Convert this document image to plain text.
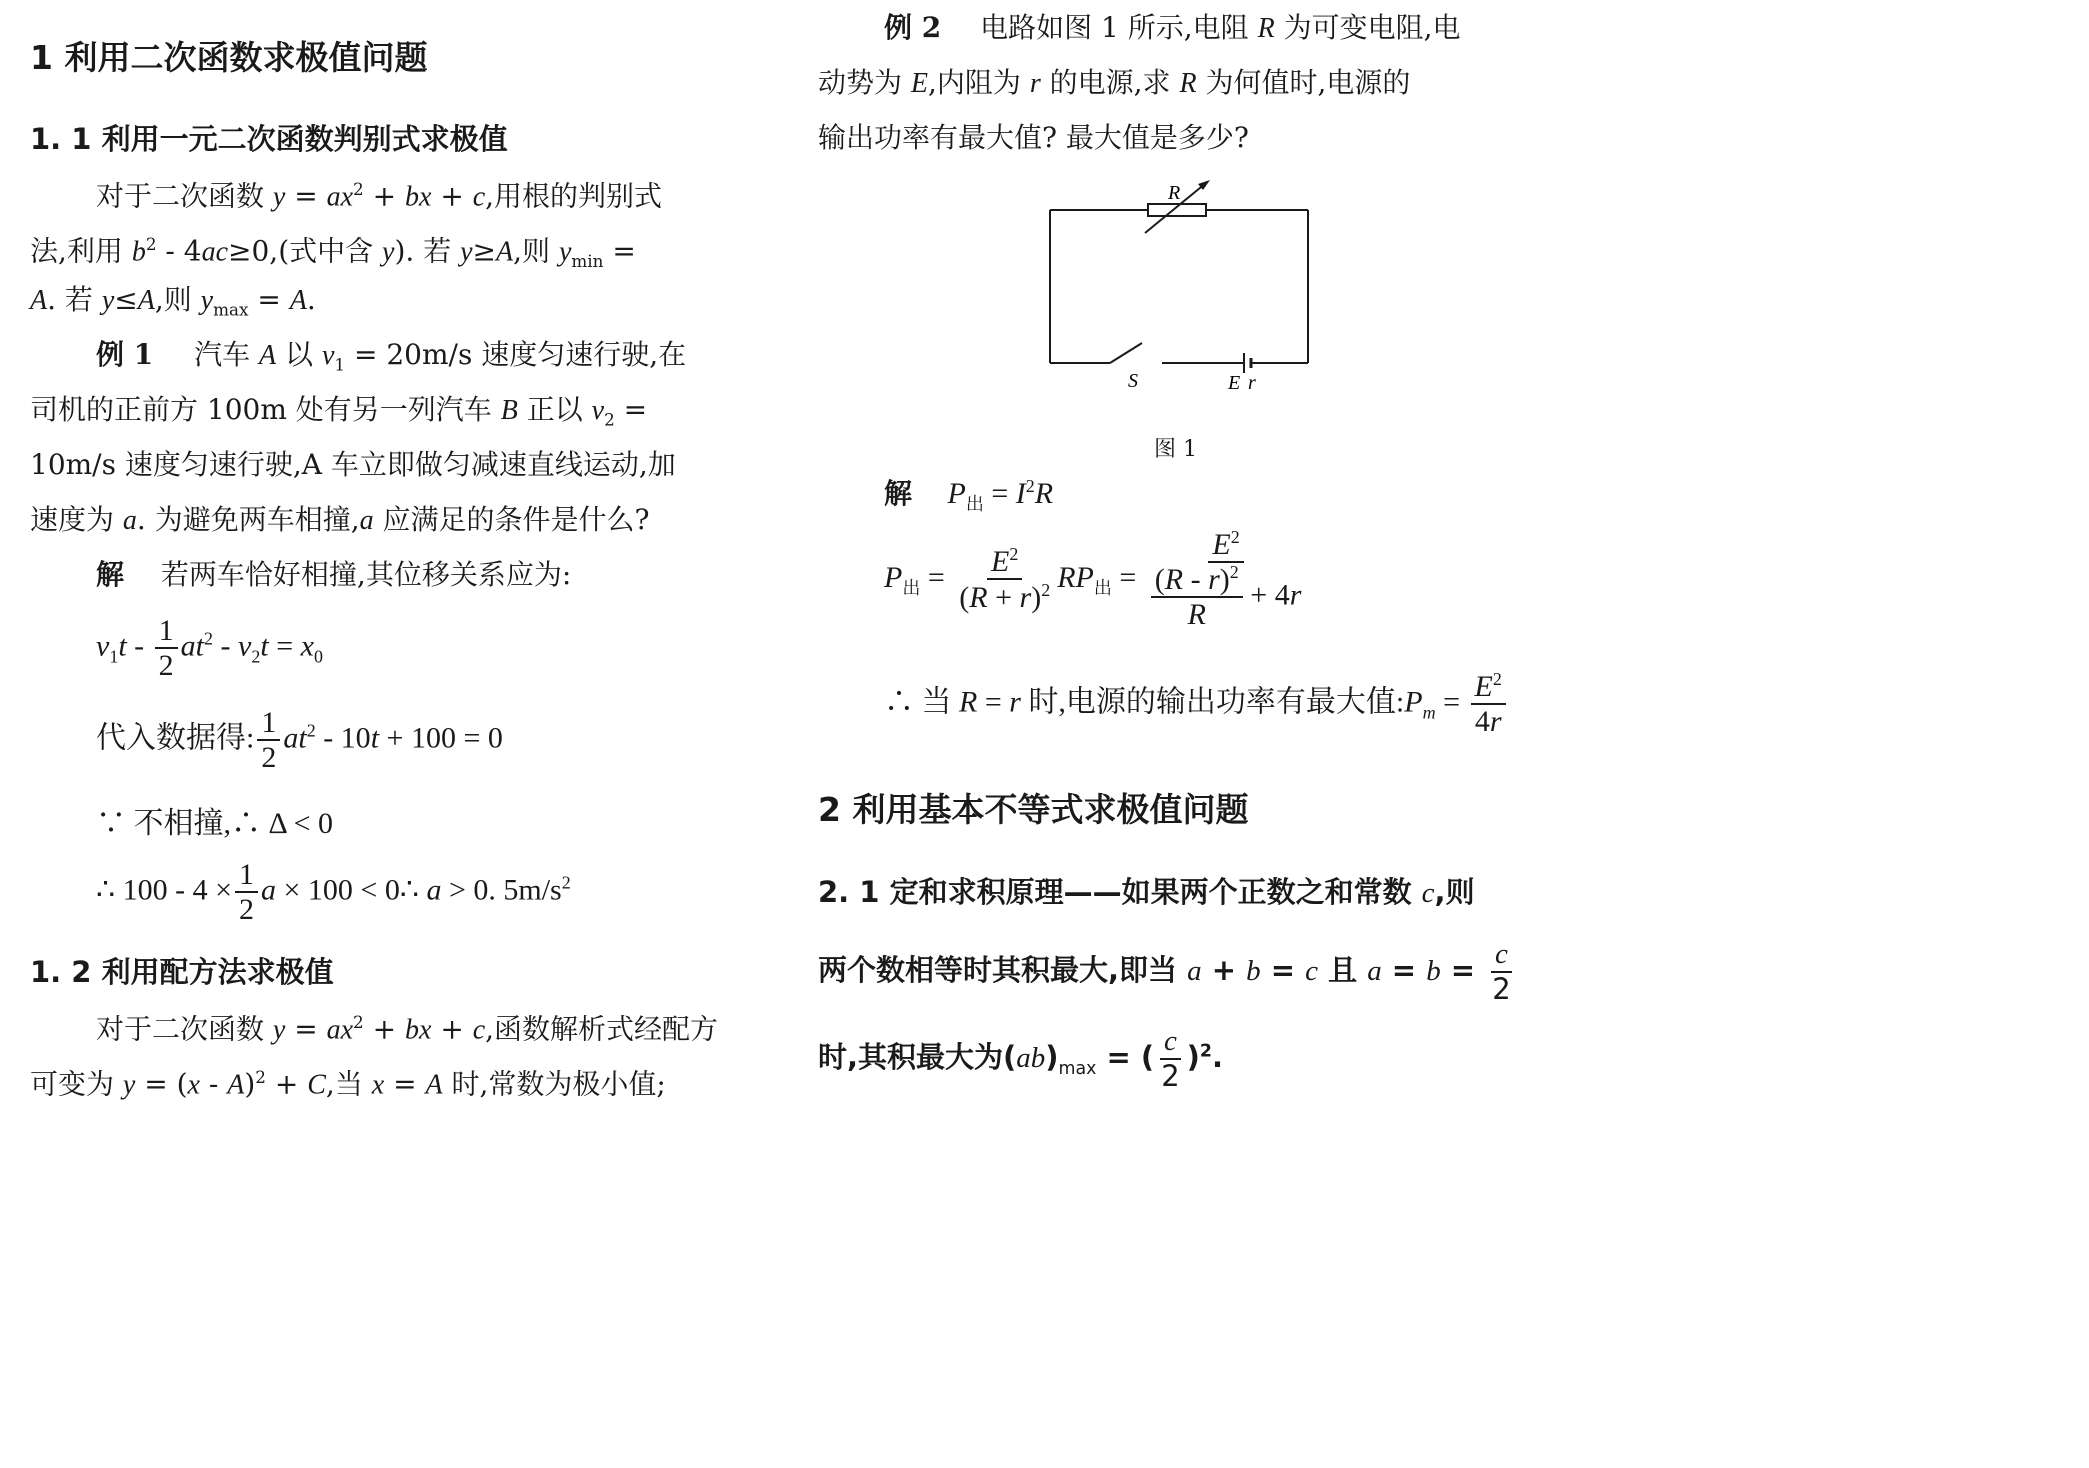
1 利用二次函数求极值问题
1. 1 利用一元二次函数判别式求极值
对于二次函数 $y = ax^2$ + bx + c,用根的判别式
法,利用 $b^2 - 4ac\ge 0$,(式中含 y). 若 y≥A,则 $y_{min}$ =
A. 若 y≤A,则 $y_{max} = A$.
例 1 汽车 A 以 $v_1 = 20m/s$ 速度匀速行驶,在
司机的正前方 100m 处有另一列汽车 B 正以 $v_2$ =
10m/s 速度匀速行驶,A 车立即做匀减速直线运动,加
速度为 a. 为避免两车相撞,a 应满足的条件是什么?
解 若两车恰好相撞,其位移关系应为:
$v_1t - \frac{1}{2} at^2 - v_2t = x_0$
代入数据得: $\frac{1}{2} at^2 - 10t + 100 = 0$
∵ 不相撞,∴ Δ < 0
∴ $100 - 4 \times \frac{1}{2}$ a × 100 < 0∴ a > 0. $5m/s^2$
1. 2 利用配方法求极值
对于二次函数 $y = ax^2$ + bx + c,函数解析式经配方
可变为 y = (x - A)$^2$ + C,当 x = A 时,常数为极小值;
例 2 电路如图 1 所示,电阻 R 为可变电阻,电
动势为 E,内阻为 r 的电源,求 R 为何值时,电源的
输出功率有最大值? 最大值是多少?
R
S	E r
图 1
解 $P_出 = I^2R$
$P_出 = \frac{E^2}{(R + r)^2} RP_出 = \frac{E^2}{\frac{(R - r)^2}{R} + 4r}$
∴ 当 R = r 时,电源的输出功率有最大值$:P_m = \frac{E^2}{4r}$
2 利用基本不等式求极值问题
2. 1 定和求积原理——如果两个正数之和常数 c,则
两个数相等时其积最大,即当 a + b = c 且 $a = b = \frac{c}{2}$
时,其积最大为$(ab)_{max}$ = ( $\frac{c}{2} )^2$.
